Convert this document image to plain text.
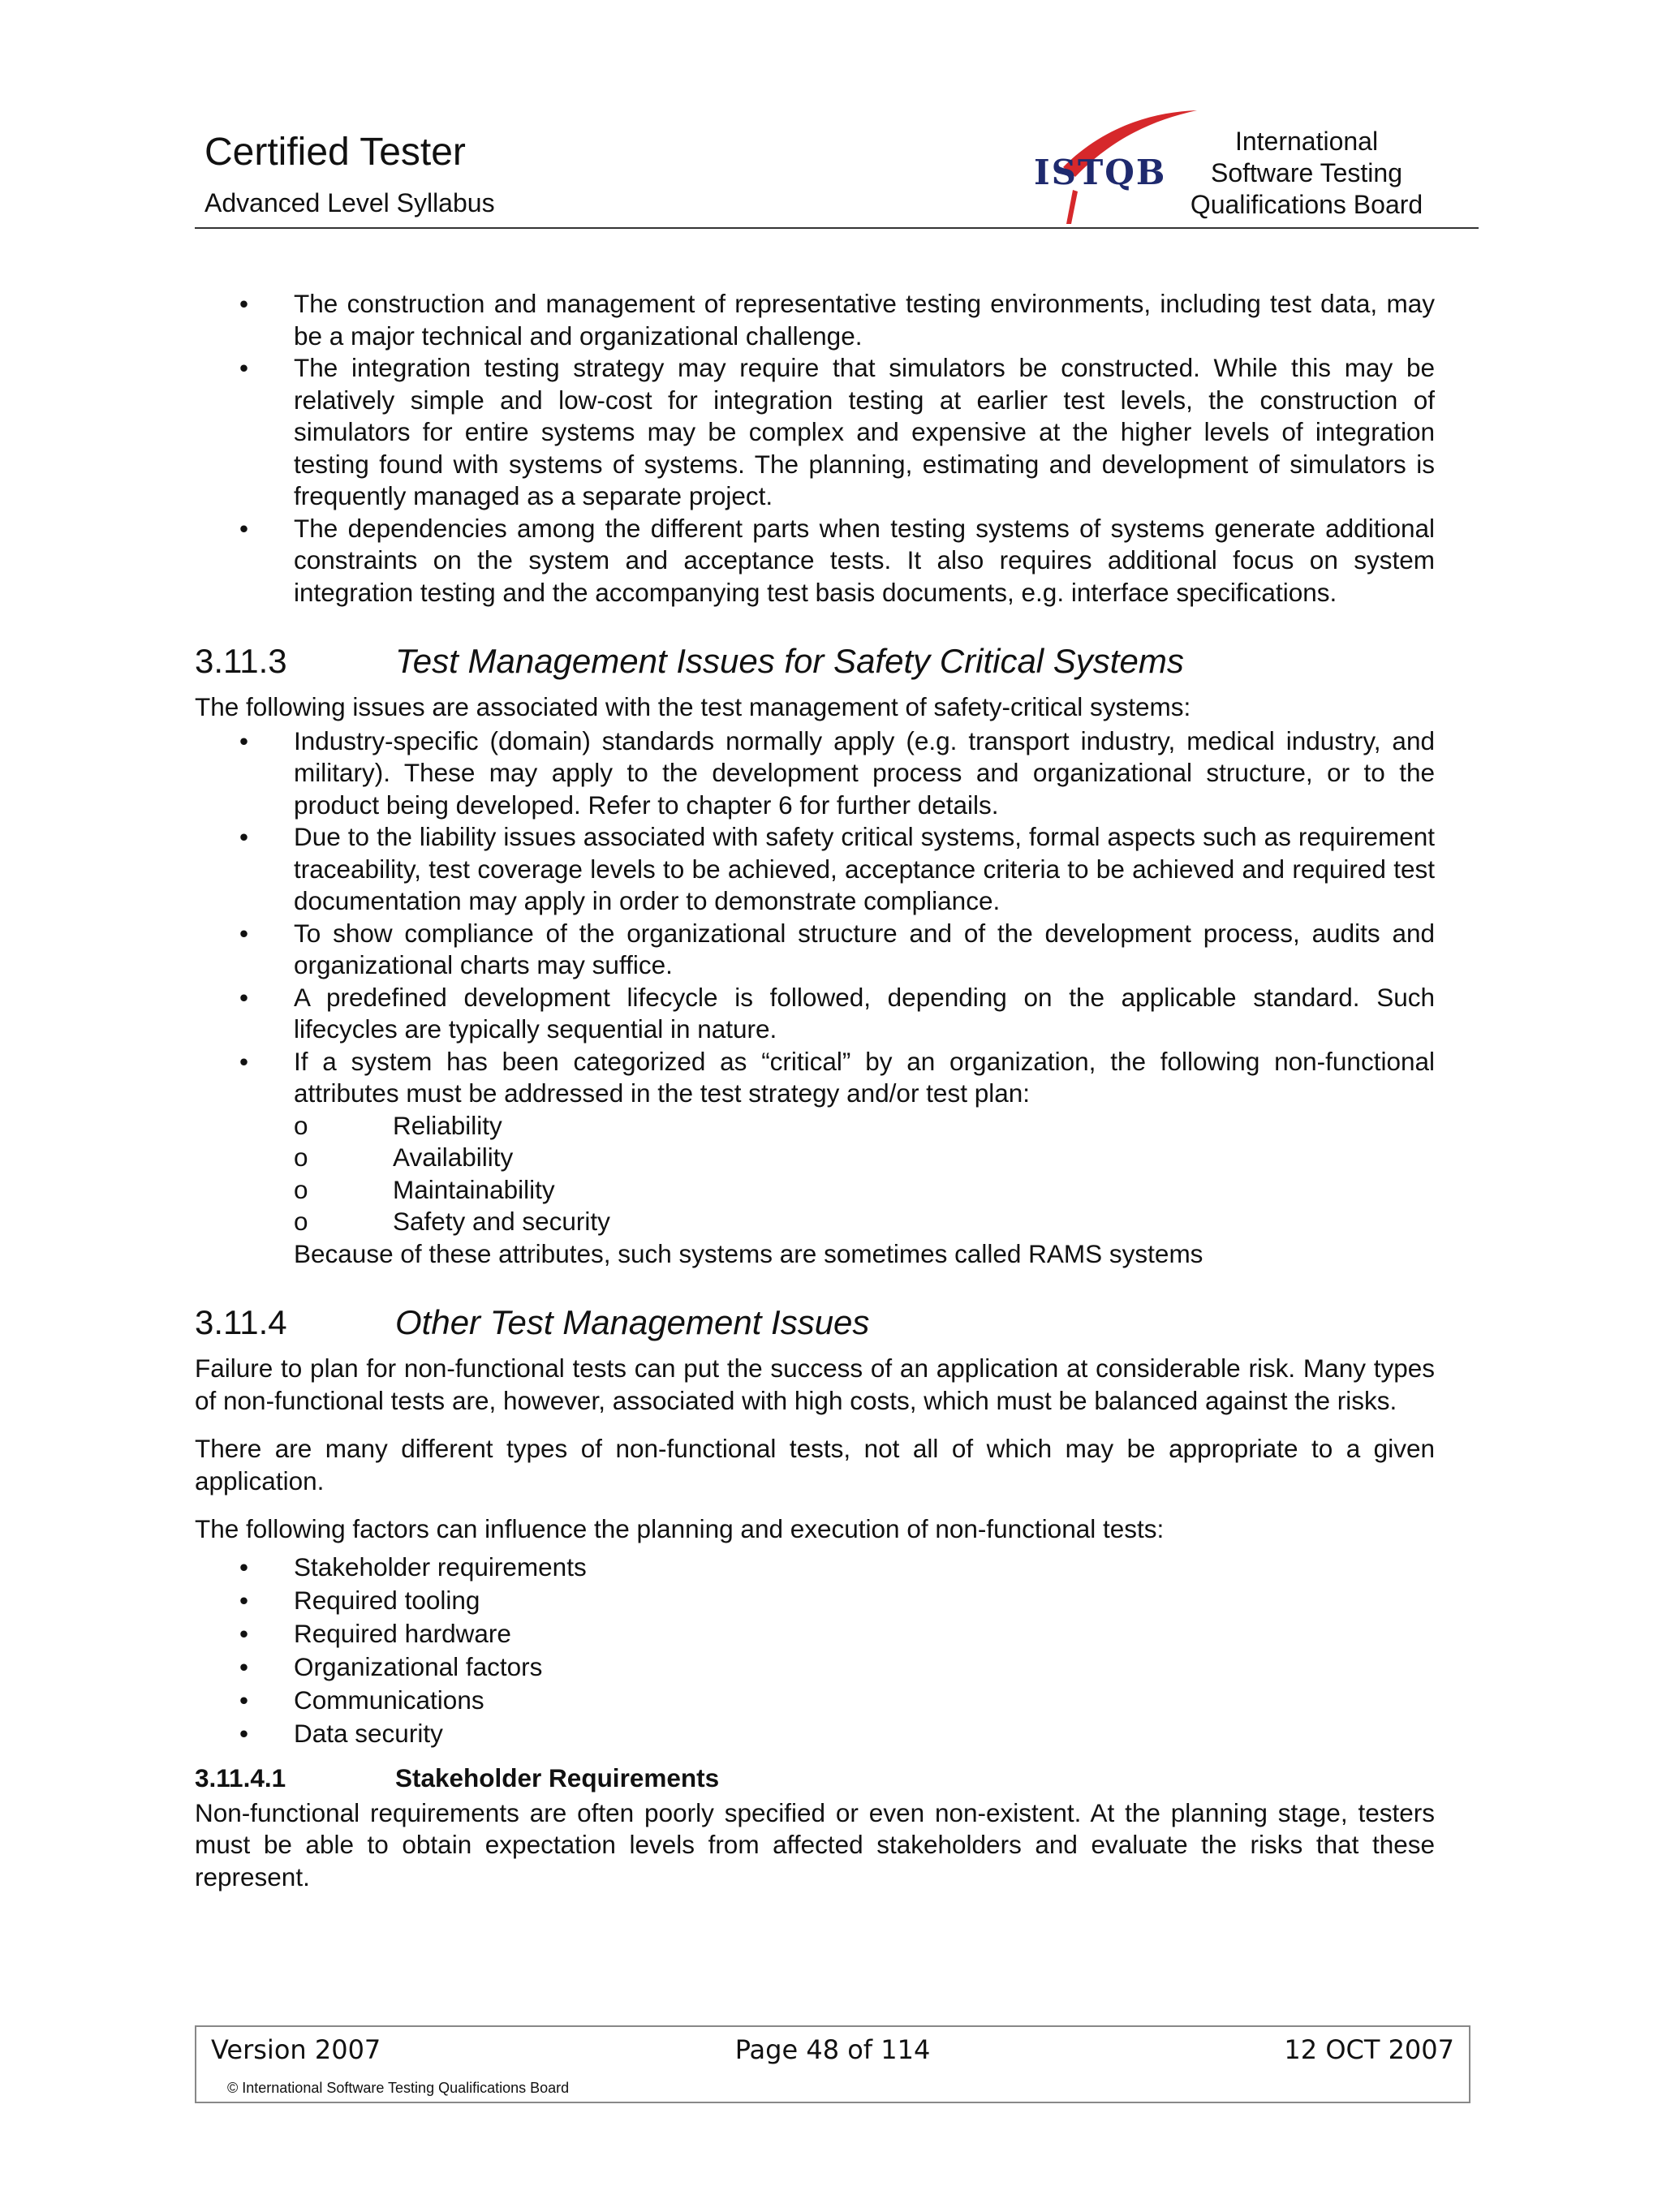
Certified Tester
Advanced Level Syllabus
ISTQB
International
Software Testing
Qualifications Board
• The construction and management of representative testing environments, including test data, may be a major technical and organizational challenge.
• The integration testing strategy may require that simulators be constructed. While this may be relatively simple and low-cost for integration testing at earlier test levels, the construction of simulators for entire systems may be complex and expensive at the higher levels of integration testing found with systems of systems. The planning, estimating and development of simulators is frequently managed as a separate project.
• The dependencies among the different parts when testing systems of systems generate additional constraints on the system and acceptance tests. It also requires additional focus on system integration testing and the accompanying test basis documents, e.g. interface specifications.
3.11.3	Test Management Issues for Safety Critical Systems
The following issues are associated with the test management of safety-critical systems:
• Industry-specific (domain) standards normally apply (e.g. transport industry, medical industry, and military). These may apply to the development process and organizational structure, or to the product being developed. Refer to chapter 6 for further details.
• Due to the liability issues associated with safety critical systems, formal aspects such as requirement traceability, test coverage levels to be achieved, acceptance criteria to be achieved and required test documentation may apply in order to demonstrate compliance.
• To show compliance of the organizational structure and of the development process, audits and organizational charts may suffice.
• A predefined development lifecycle is followed, depending on the applicable standard. Such lifecycles are typically sequential in nature.
• If a system has been categorized as “critical” by an organization, the following non-functional attributes must be addressed in the test strategy and/or test plan:
o Reliability
o Availability
o Maintainability
o Safety and security
Because of these attributes, such systems are sometimes called RAMS systems
3.11.4	Other Test Management Issues
Failure to plan for non-functional tests can put the success of an application at considerable risk. Many types of non-functional tests are, however, associated with high costs, which must be balanced against the risks.
There are many different types of non-functional tests, not all of which may be appropriate to a given application.
The following factors can influence the planning and execution of non-functional tests:
• Stakeholder requirements
• Required tooling
• Required hardware
• Organizational factors
• Communications
• Data security
3.11.4.1	Stakeholder Requirements
Non-functional requirements are often poorly specified or even non-existent. At the planning stage, testers must be able to obtain expectation levels from affected stakeholders and evaluate the risks that these represent.
Version 2007	Page 48 of 114	12 OCT 2007
© International Software Testing Qualifications Board
